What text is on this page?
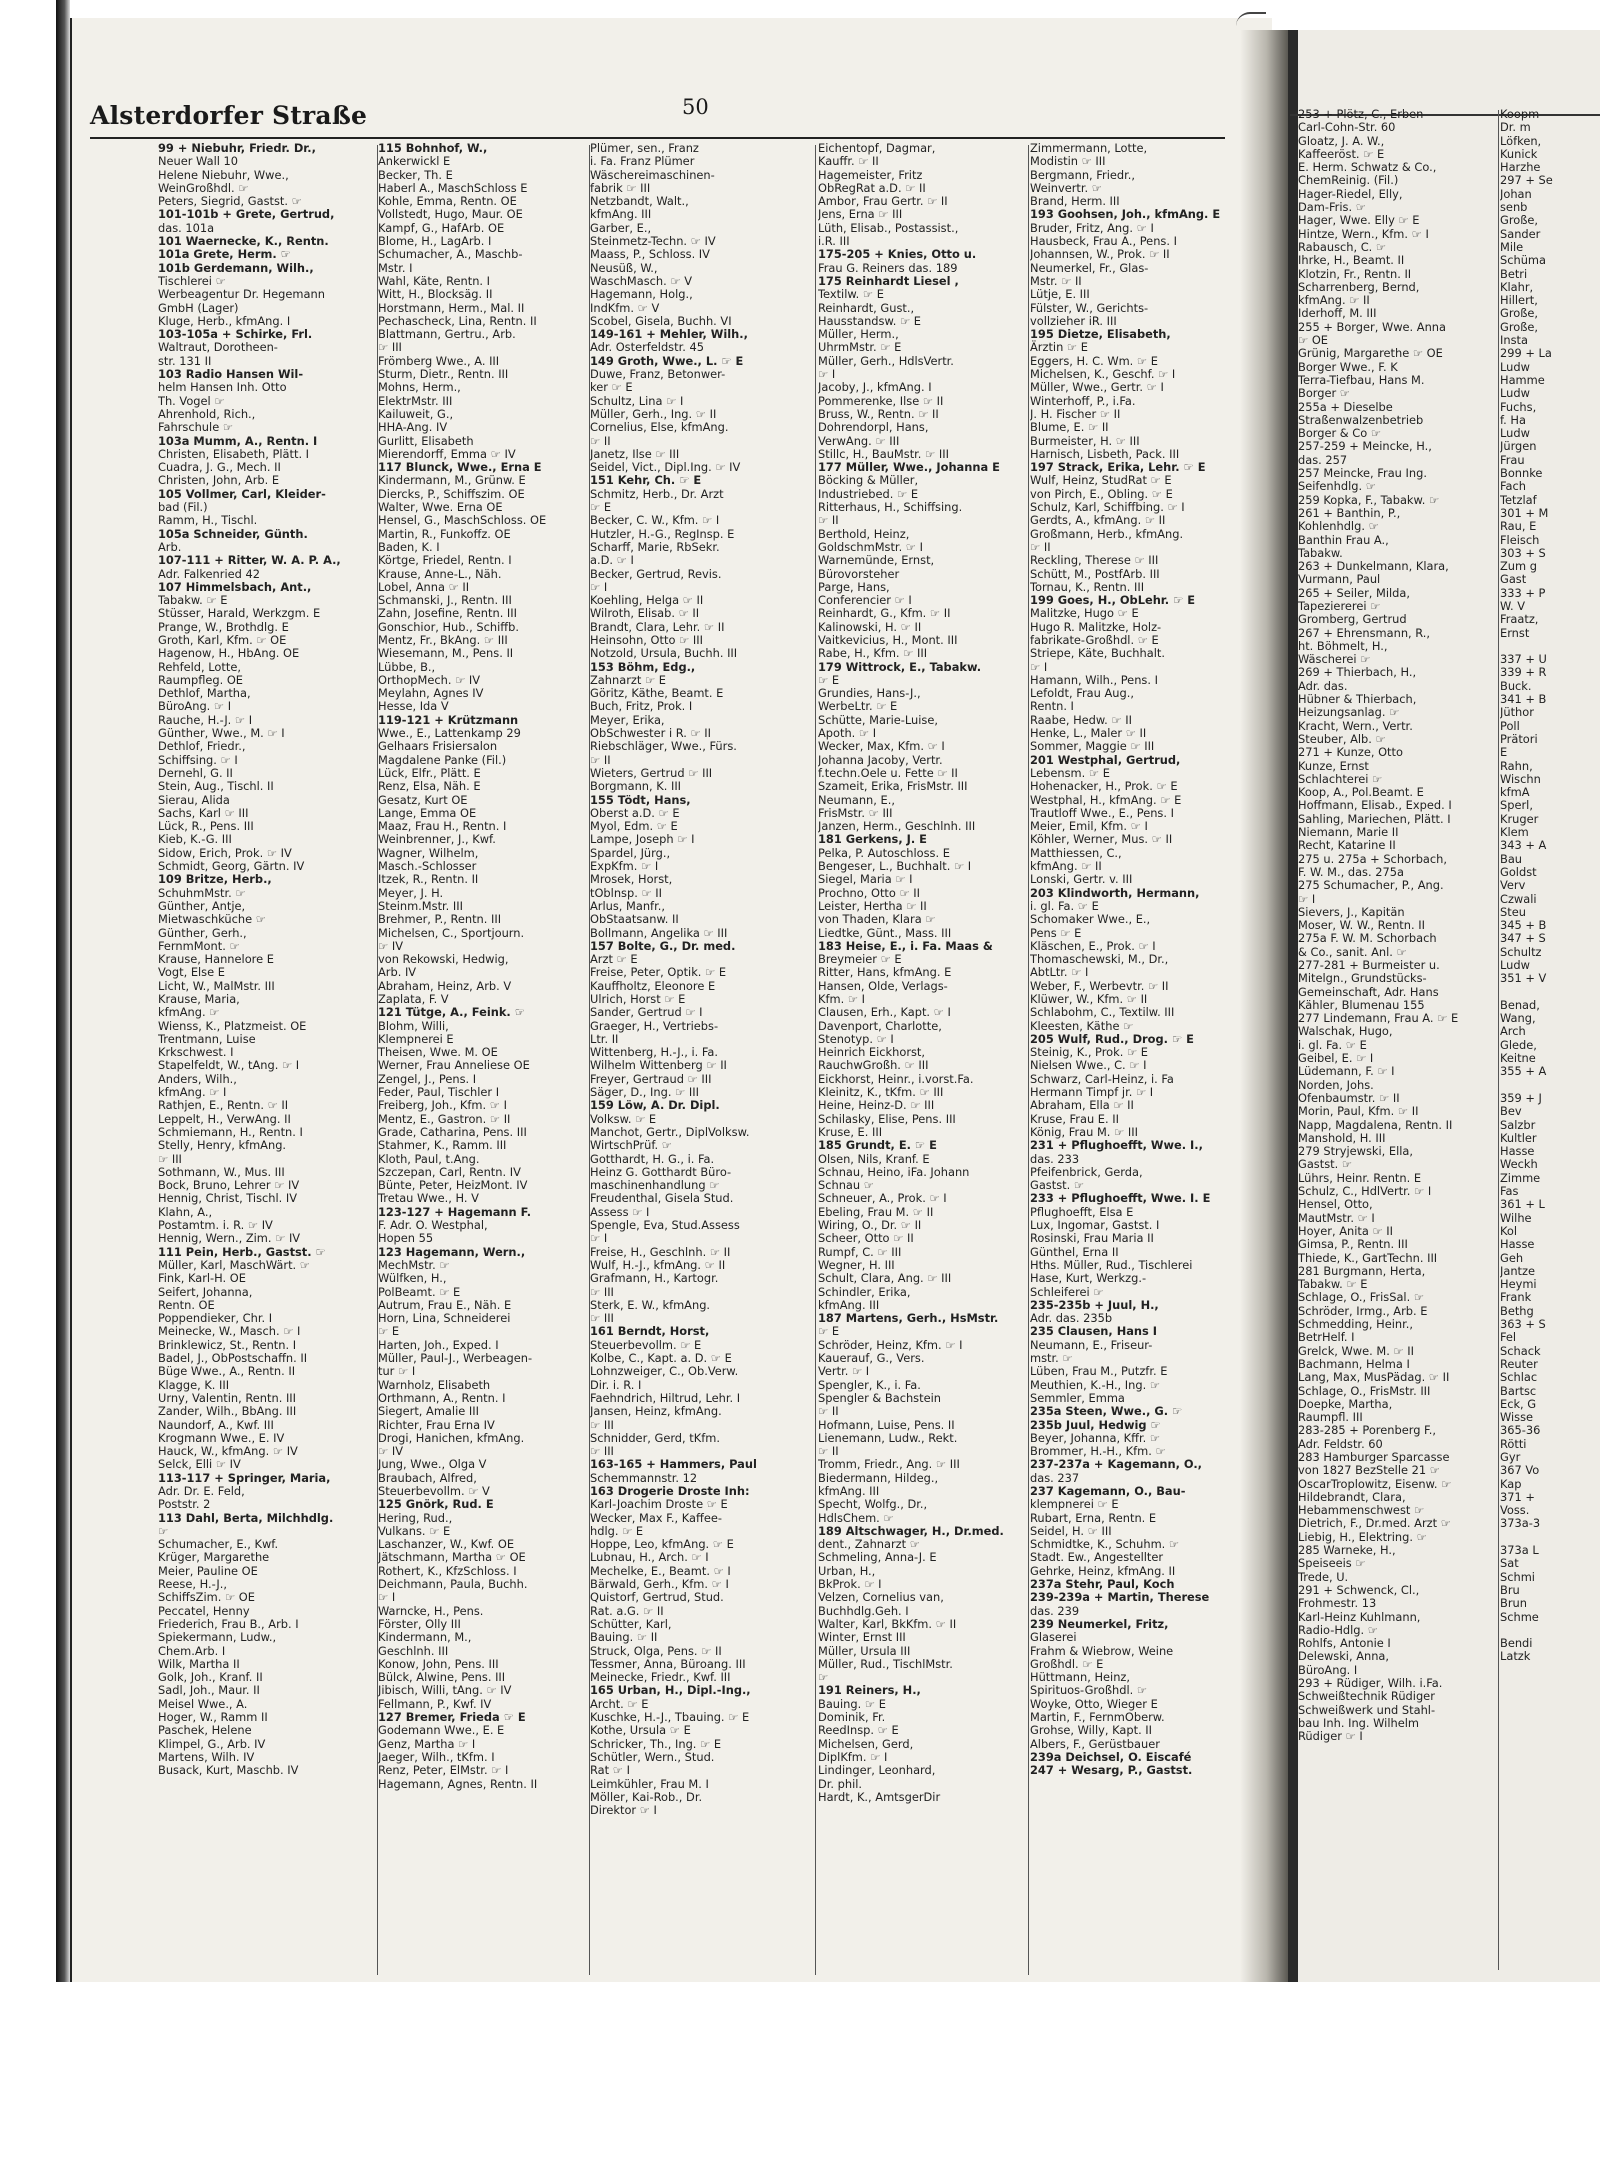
Alsterdorfer Straße	50
99 + Niebuhr, Friedr. Dr.,
Neuer Wall 10
Helene Niebuhr, Wwe.,
WeinGroßhdl. ☞
Peters, Siegrid, Gastst. ☞
101-101b + Grete, Gertrud,
das. 101a
101 Waernecke, K., Rentn.
101a Grete, Herm. ☞
101b Gerdemann, Wilh.,
Tischlerei ☞
Werbeagentur Dr. Hegemann
GmbH (Lager)
Kluge, Herb., kfmAng. I
103-105a + Schirke, Frl.
Waltraut, Dorotheen-
str. 131 II
103 Radio Hansen Wil-
helm Hansen Inh. Otto
Th. Vogel ☞
Ahrenhold, Rich.,
Fahrschule ☞
103a Mumm, A., Rentn. I
Christen, Elisabeth, Plätt. I
Cuadra, J. G., Mech. II
Christen, John, Arb. E
105 Vollmer, Carl, Kleider-
bad (Fil.)
Ramm, H., Tischl.
105a Schneider, Günth.
Arb.
107-111 + Ritter, W. A. P. A.,
Adr. Falkenried 42
107 Himmelsbach, Ant.,
Tabakw. ☞ E
Stüsser, Harald, Werkzgm. E
Prange, W., Brothdlg. E
Groth, Karl, Kfm. ☞ OE
Hagenow, H., HbAng. OE
Rehfeld, Lotte,
Raumpfleg. OE
Dethlof, Martha,
BüroAng. ☞ I
Rauche, H.-J. ☞ I
Günther, Wwe., M. ☞ I
Dethlof, Friedr.,
Schiffsing. ☞ I
Dernehl, G. II
Stein, Aug., Tischl. II
Sierau, Alida
Sachs, Karl ☞ III
Lück, R., Pens. III
Kieb, K.-G. III
Sidow, Erich, Prok. ☞ IV
Schmidt, Georg, Gärtn. IV
109 Britze, Herb.,
SchuhmMstr. ☞
Günther, Antje,
Mietwaschküche ☞
Günther, Gerh.,
FernmMont. ☞
Krause, Hannelore E
Vogt, Else E
Licht, W., MalMstr. III
Krause, Maria,
kfmAng. ☞
Wienss, K., Platzmeist. OE
Trentmann, Luise
Krkschwest. I
Stapelfeldt, W., tAng. ☞ I
Anders, Wilh.,
kfmAng. ☞ I
Rathjen, E., Rentn. ☞ II
Leppelt, H., VerwAng. II
Schmiemann, H., Rentn. I
Stelly, Henry, kfmAng.
☞ III
Sothmann, W., Mus. III
Bock, Bruno, Lehrer ☞ IV
Hennig, Christ, Tischl. IV
Klahn, A.,
Postamtm. i. R. ☞ IV
Hennig, Wern., Zim. ☞ IV
111 Pein, Herb., Gastst. ☞
Müller, Karl, MaschWärt. ☞
Fink, Karl-H. OE
Seifert, Johanna,
Rentn. OE
Poppendieker, Chr. I
Meinecke, W., Masch. ☞ I
Brinklewicz, St., Rentn. I
Badel, J., ObPostschaffn. II
Büge Wwe., A., Rentn. II
Klagge, K. III
Urny, Valentin, Rentn. III
Zander, Wilh., BbAng. III
Naundorf, A., Kwf. III
Krogmann Wwe., E. IV
Hauck, W., kfmAng. ☞ IV
Selck, Elli ☞ IV
113-117 + Springer, Maria,
Adr. Dr. E. Feld,
Poststr. 2
113 Dahl, Berta, Milchhdlg.
☞
Schumacher, E., Kwf.
Krüger, Margarethe
Meier, Pauline OE
Reese, H.-J.,
SchiffsZim. ☞ OE
Peccatel, Henny
Friederich, Frau B., Arb. I
Spiekermann, Ludw.,
Chem.Arb. I
Wilk, Martha II
Golk, Joh., Kranf. II
Sadl, Joh., Maur. II
Meisel Wwe., A.
Hoger, W., Ramm II
Paschek, Helene
Klimpel, G., Arb. IV
Martens, Wilh. IV
Busack, Kurt, Maschb. IV
115 Bohnhof, W.,
Ankerwickl E
Becker, Th. E
Haberl A., MaschSchloss E
Kohle, Emma, Rentn. OE
Vollstedt, Hugo, Maur. OE
Kampf, G., HafArb. OE
Blome, H., LagArb. I
Schumacher, A., Maschb-
Mstr. I
Wahl, Käte, Rentn. I
Witt, H., Blocksäg. II
Horstmann, Herm., Mal. II
Pechascheck, Lina, Rentn. II
Blattmann, Gertru., Arb.
☞ III
Frömberg Wwe., A. III
Sturm, Dietr., Rentn. III
Mohns, Herm.,
ElektrMstr. III
Kailuweit, G.,
HHA-Ang. IV
Gurlitt, Elisabeth
Mierendorff, Emma ☞ IV
117 Blunck, Wwe., Erna E
Kindermann, M., Grünw. E
Diercks, P., Schiffszim. OE
Walter, Wwe. Erna OE
Hensel, G., MaschSchloss. OE
Martin, R., Funkoffz. OE
Baden, K. I
Körtge, Friedel, Rentn. I
Krause, Anne-L., Näh.
Lobel, Anna ☞ II
Schmanski, J., Rentn. III
Zahn, Josefine, Rentn. III
Gonschior, Hub., Schiffb.
Mentz, Fr., BkAng. ☞ III
Wiesemann, M., Pens. II
Lübbe, B.,
OrthopMech. ☞ IV
Meylahn, Agnes IV
Hesse, Ida V
119-121 + Krützmann
Wwe., E., Lattenkamp 29
Gelhaars Frisiersalon
Magdalene Panke (Fil.)
Lück, Elfr., Plätt. E
Renz, Elsa, Näh. E
Gesatz, Kurt OE
Lange, Emma OE
Maaz, Frau H., Rentn. I
Weinbrenner, J., Kwf.
Wagner, Wilhelm,
Masch.-Schlosser
Itzek, R., Rentn. II
Meyer, J. H.
Steinm.Mstr. III
Brehmer, P., Rentn. III
Michelsen, C., Sportjourn.
☞ IV
von Rekowski, Hedwig,
Arb. IV
Abraham, Heinz, Arb. V
Zaplata, F. V
121 Tütge, A., Feink. ☞
Blohm, Willi,
Klempnerei E
Theisen, Wwe. M. OE
Werner, Frau Anneliese OE
Zengel, J., Pens. I
Feder, Paul, Tischler I
Freiberg, Joh., Kfm. ☞ I
Mentz, E., Gastron. ☞ II
Grade, Catharina, Pens. III
Stahmer, K., Ramm. III
Kloth, Paul, t.Ang.
Szczepan, Carl, Rentn. IV
Bünte, Peter, HeizMont. IV
Tretau Wwe., H. V
123-127 + Hagemann F.
F. Adr. O. Westphal,
Hopen 55
123 Hagemann, Wern.,
MechMstr. ☞
Wülfken, H.,
PolBeamt. ☞ E
Autrum, Frau E., Näh. E
Horn, Lina, Schneiderei
☞ E
Harten, Joh., Exped. I
Müller, Paul-J., Werbeagen-
tur ☞ I
Warnholz, Elisabeth
Orthmann, A., Rentn. I
Siegert, Amalie III
Richter, Frau Erna IV
Drogi, Hanichen, kfmAng.
☞ IV
Jung, Wwe., Olga V
Braubach, Alfred,
Steuerbevollm. ☞ V
125 Gnörk, Rud. E
Hering, Rud.,
Vulkans. ☞ E
Laschanzer, W., Kwf. OE
Jätschmann, Martha ☞ OE
Rothert, K., KfzSchloss. I
Deichmann, Paula, Buchh.
☞ I
Warncke, H., Pens.
Förster, Olly III
Kindermann, M.,
Geschlnh. III
Konow, John, Pens. III
Bülck, Alwine, Pens. III
Jibisch, Willi, tAng. ☞ IV
Fellmann, P., Kwf. IV
127 Bremer, Frieda ☞ E
Godemann Wwe., E. E
Genz, Martha ☞ I
Jaeger, Wilh., tKfm. I
Renz, Peter, ElMstr. ☞ I
Hagemann, Agnes, Rentn. II
Plümer, sen., Franz
i. Fa. Franz Plümer
Wäschereimaschinen-
fabrik ☞ III
Netzbandt, Walt.,
kfmAng. III
Garber, E.,
Steinmetz-Techn. ☞ IV
Maass, P., Schloss. IV
Neusüß, W.,
WaschMasch. ☞ V
Hagemann, Holg.,
IndKfm. ☞ V
Scobel, Gisela, Buchh. VI
149-161 + Mehler, Wilh.,
Adr. Osterfeldstr. 45
149 Groth, Wwe., L. ☞ E
Duwe, Franz, Betonwer-
ker ☞ E
Schultz, Lina ☞ I
Müller, Gerh., Ing. ☞ II
Cornelius, Else, kfmAng.
☞ II
Janetz, Ilse ☞ III
Seidel, Vict., Dipl.Ing. ☞ IV
151 Kehr, Ch. ☞ E
Schmitz, Herb., Dr. Arzt
☞ E
Becker, C. W., Kfm. ☞ I
Hutzler, H.-G., RegInsp. E
Scharff, Marie, RbSekr.
a.D. ☞ I
Becker, Gertrud, Revis.
☞ I
Koehling, Helga ☞ II
Wilroth, Elisab. ☞ II
Brandt, Clara, Lehr. ☞ II
Heinsohn, Otto ☞ III
Notzold, Ursula, Buchh. III
153 Böhm, Edg.,
Zahnarzt ☞ E
Göritz, Käthe, Beamt. E
Buch, Fritz, Prok. I
Meyer, Erika,
ObSchwester i R. ☞ II
Riebschläger, Wwe., Fürs.
☞ II
Wieters, Gertrud ☞ III
Borgmann, K. III
155 Tödt, Hans,
Oberst a.D. ☞ E
Myol, Edm. ☞ E
Lampe, Joseph ☞ I
Spardel, Jürg.,
ExpKfm. ☞ I
Mrosek, Horst,
tOblnsp. ☞ II
Arlus, Manfr.,
ObStaatsanw. II
Bollmann, Angelika ☞ III
157 Bolte, G., Dr. med.
Arzt ☞ E
Freise, Peter, Optik. ☞ E
Kauffholtz, Eleonore E
Ulrich, Horst ☞ E
Sander, Gertrud ☞ I
Graeger, H., Vertriebs-
Ltr. II
Wittenberg, H.-J., i. Fa.
Wilhelm Wittenberg ☞ II
Freyer, Gertraud ☞ III
Säger, D., Ing. ☞ III
159 Löw, A. Dr. Dipl.
Volksw. ☞ E
Manchot, Gertr., DiplVolksw.
WirtschPrüf. ☞
Gotthardt, H. G., i. Fa.
Heinz G. Gotthardt Büro-
maschinenhandlung ☞
Freudenthal, Gisela Stud.
Assess ☞ I
Spengle, Eva, Stud.Assess
☞ I
Freise, H., Geschlnh. ☞ II
Wulf, H.-J., kfmAng. ☞ II
Grafmann, H., Kartogr.
☞ III
Sterk, E. W., kfmAng.
☞ III
161 Berndt, Horst,
Steuerbevollm. ☞ E
Kolbe, C., Kapt. a. D. ☞ E
Lohnzweiger, C., Ob.Verw.
Dir. i. R. I
Faehndrich, Hiltrud, Lehr. I
Jansen, Heinz, kfmAng.
☞ III
Schnidder, Gerd, tKfm.
☞ III
163-165 + Hammers, Paul
Schemmannstr. 12
163 Drogerie Droste Inh:
Karl-Joachim Droste ☞ E
Wecker, Max F., Kaffee-
hdlg. ☞ E
Hoppe, Leo, kfmAng. ☞ E
Lubnau, H., Arch. ☞ I
Mechelke, E., Beamt. ☞ I
Bärwald, Gerh., Kfm. ☞ I
Quistorf, Gertrud, Stud.
Rat. a.G. ☞ II
Schütter, Karl,
Bauing. ☞ II
Struck, Olga, Pens. ☞ II
Tessmer, Anna, Büroang. III
Meinecke, Friedr., Kwf. III
165 Urban, H., Dipl.-Ing.,
Archt. ☞ E
Kuschke, H.-J., Tbauing. ☞ E
Kothe, Ursula ☞ E
Schricker, Th., Ing. ☞ E
Schütler, Wern., Stud.
Rat ☞ I
Leimkühler, Frau M. I
Möller, Kai-Rob., Dr.
Direktor ☞ I
Eichentopf, Dagmar,
Kauffr. ☞ II
Hagemeister, Fritz
ObRegRat a.D. ☞ II
Ambor, Frau Gertr. ☞ II
Jens, Erna ☞ III
Lüth, Elisab., Postassist.,
i.R. III
175-205 + Knies, Otto u.
Frau G. Reiners das. 189
175 Reinhardt Liesel ,
Textilw. ☞ E
Reinhardt, Gust.,
Hausstandsw. ☞ E
Müller, Herm.,
UhrmMstr. ☞ E
Müller, Gerh., HdlsVertr.
☞ I
Jacoby, J., kfmAng. I
Pommerenke, Ilse ☞ II
Bruss, W., Rentn. ☞ II
Dohrendorpl, Hans,
VerwAng. ☞ III
Stillc, H., BauMstr. ☞ III
177 Müller, Wwe., Johanna E
Böcking & Müller,
Industriebed. ☞ E
Ritterhaus, H., Schiffsing.
☞ II
Berthold, Heinz,
GoldschmMstr. ☞ I
Warnemünde, Ernst,
Bürovorsteher
Parge, Hans,
Conferencier ☞ I
Reinhardt, G., Kfm. ☞ II
Kalinowski, H. ☞ II
Vaitkevicius, H., Mont. III
Rabe, H., Kfm. ☞ III
179 Wittrock, E., Tabakw.
☞ E
Grundies, Hans-J.,
WerbeLtr. ☞ E
Schütte, Marie-Luise,
Apoth. ☞ I
Wecker, Max, Kfm. ☞ I
Johanna Jacoby, Vertr.
f.techn.Oele u. Fette ☞ II
Szameit, Erika, FrisMstr. III
Neumann, E.,
FrisMstr. ☞ III
Janzen, Herm., Geschlnh. III
181 Gerkens, J. E
Pelka, P. Autoschloss. E
Bengeser, L., Buchhalt. ☞ I
Siegel, Maria ☞ I
Prochno, Otto ☞ II
Leister, Hertha ☞ II
von Thaden, Klara ☞
Liedtke, Günt., Mass. III
183 Heise, E., i. Fa. Maas &
Breymeier ☞ E
Ritter, Hans, kfmAng. E
Hansen, Olde, Verlags-
Kfm. ☞ I
Clausen, Erh., Kapt. ☞ I
Davenport, Charlotte,
Stenotyp. ☞ I
Heinrich Eickhorst,
RauchwGroßh. ☞ III
Eickhorst, Heinr., i.vorst.Fa.
Kleinitz, K., tKfm. ☞ III
Heine, Heinz-D. ☞ III
Schilasky, Elise, Pens. III
Kruse, E. III
185 Grundt, E. ☞ E
Olsen, Nils, Kranf. E
Schnau, Heino, iFa. Johann
Schnau ☞
Schneuer, A., Prok. ☞ I
Ebeling, Frau M. ☞ II
Wiring, O., Dr. ☞ II
Scheer, Otto ☞ II
Rumpf, C. ☞ III
Wegner, H. III
Schult, Clara, Ang. ☞ III
Schindler, Erika,
kfmAng. III
187 Martens, Gerh., HsMstr.
☞ E
Schröder, Heinz, Kfm. ☞ I
Kauerauf, G., Vers.
Vertr. ☞ I
Spengler, K., i. Fa.
Spengler & Bachstein
☞ II
Hofmann, Luise, Pens. II
Lienemann, Ludw., Rekt.
☞ II
Tromm, Friedr., Ang. ☞ III
Biedermann, Hildeg.,
kfmAng. III
Specht, Wolfg., Dr.,
HdlsChem. ☞
189 Altschwager, H., Dr.med.
dent., Zahnarzt ☞
Schmeling, Anna-J. E
Urban, H.,
BkProk. ☞ I
Velzen, Cornelius van,
Buchhdlg.Geh. I
Walter, Karl, BkKfm. ☞ II
Winter, Ernst III
Müller, Ursula III
Müller, Rud., TischlMstr.
☞
191 Reiners, H.,
Bauing. ☞ E
Dominik, Fr.
ReedInsp. ☞ E
Michelsen, Gerd,
DiplKfm. ☞ I
Lindinger, Leonhard,
Dr. phil.
Hardt, K., AmtsgerDir
Zimmermann, Lotte,
Modistin ☞ III
Bergmann, Friedr.,
Weinvertr. ☞
Brand, Herm. III
193 Goohsen, Joh., kfmAng. E
Bruder, Fritz, Ang. ☞ I
Hausbeck, Frau A., Pens. I
Johannsen, W., Prok. ☞ II
Neumerkel, Fr., Glas-
Mstr. ☞ II
Lütje, E. III
Fülster, W., Gerichts-
vollzieher iR. III
195 Dietze, Elisabeth,
Ärztin ☞ E
Eggers, H. C. Wm. ☞ E
Michelsen, K., Geschf. ☞ I
Müller, Wwe., Gertr. ☞ I
Winterhoff, P., i.Fa.
J. H. Fischer ☞ II
Blume, E. ☞ II
Burmeister, H. ☞ III
Harnisch, Lisbeth, Pack. III
197 Strack, Erika, Lehr. ☞ E
Wulf, Heinz, StudRat ☞ E
von Pirch, E., Obling. ☞ E
Schulz, Karl, Schiffbing. ☞ I
Gerdts, A., kfmAng. ☞ II
Großmann, Herb., kfmAng.
☞ II
Reckling, Therese ☞ III
Schütt, M., PostfArb. III
Tornau, K., Rentn. III
199 Goes, H., ObLehr. ☞ E
Malitzke, Hugo ☞ E
Hugo R. Malitzke, Holz-
fabrikate-Großhdl. ☞ E
Striepe, Käte, Buchhalt.
☞ I
Hamann, Wilh., Pens. I
Lefoldt, Frau Aug.,
Rentn. I
Raabe, Hedw. ☞ II
Henke, L., Maler ☞ II
Sommer, Maggie ☞ III
201 Westphal, Gertrud,
Lebensm. ☞ E
Hohenacker, H., Prok. ☞ E
Westphal, H., kfmAng. ☞ E
Trautloff Wwe., E., Pens. I
Meier, Emil, Kfm. ☞ I
Köhler, Werner, Mus. ☞ II
Matthiessen, C.,
kfmAng. ☞ II
Lonski, Gertr. v. III
203 Klindworth, Hermann,
i. gl. Fa. ☞ E
Schomaker Wwe., E.,
Pens ☞ E
Kläschen, E., Prok. ☞ I
Thomaschewski, M., Dr.,
AbtLtr. ☞ I
Weber, F., Werbevtr. ☞ II
Klüwer, W., Kfm. ☞ II
Schlabohm, C., Textilw. III
Kleesten, Käthe ☞
205 Wulf, Rud., Drog. ☞ E
Steinig, K., Prok. ☞ E
Nielsen Wwe., C. ☞ I
Schwarz, Carl-Heinz, i. Fa
Hermann Timpf jr. ☞ I
Abraham, Ella ☞ II
Kruse, Frau E. II
König, Frau M. ☞ III
231 + Pflughoefft, Wwe. I.,
das. 233
Pfeifenbrick, Gerda,
Gastst. ☞
233 + Pflughoefft, Wwe. I. E
Pflughoefft, Elsa E
Lux, Ingomar, Gastst. I
Rosinski, Frau Maria II
Günthel, Erna II
Hths. Müller, Rud., Tischlerei
Hase, Kurt, Werkzg.-
Schleiferei ☞
235-235b + Juul, H.,
Adr. das. 235b
235 Clausen, Hans I
Neumann, E., Friseur-
mstr. ☞
Lüben, Frau M., Putzfr. E
Meuthien, K.-H., Ing. ☞
Semmler, Emma
235a Steen, Wwe., G. ☞
235b Juul, Hedwig ☞
Beyer, Johanna, Kffr. ☞
Brommer, H.-H., Kfm. ☞
237-237a + Kagemann, O.,
das. 237
237 Kagemann, O., Bau-
klempnerei ☞ E
Rubart, Erna, Rentn. E
Seidel, H. ☞ III
Schmidtke, K., Schuhm. ☞
Stadt. Ew., Angestellter
Gehrke, Heinz, kfmAng. II
237a Stehr, Paul, Koch
239-239a + Martin, Therese
das. 239
239 Neumerkel, Fritz,
Glaserei
Frahm & Wiebrow, Weine
Großhdl. ☞ E
Hüttmann, Heinz,
Spirituos-Großhdl. ☞
Woyke, Otto, Wieger E
Martin, F., FernmOberw.
Grohse, Willy, Kapt. II
Albers, F., Gerüstbauer
239a Deichsel, O. Eiscafé
247 + Wesarg, P., Gastst.
253 + Plötz, C., Erben
Carl-Cohn-Str. 60
Gloatz, J. A. W.,
Kaffeeröst. ☞ E
E. Herm. Schwatz & Co.,
ChemReinig. (Fil.)
Hager-Riedel, Elly,
Dam-Fris. ☞
Hager, Wwe. Elly ☞ E
Hintze, Wern., Kfm. ☞ I
Rabausch, C. ☞
Ihrke, H., Beamt. II
Klotzin, Fr., Rentn. II
Scharrenberg, Bernd,
kfmAng. ☞ II
Iderhoff, M. III
255 + Borger, Wwe. Anna
☞ OE
Grünig, Margarethe ☞ OE
Borger Wwe., F. K
Terra-Tiefbau, Hans M.
Borger ☞
255a + Dieselbe
Straßenwalzenbetrieb
Borger & Co ☞
257-259 + Meincke, H.,
das. 257
257 Meincke, Frau Ing.
Seifenhdlg. ☞
259 Kopka, F., Tabakw. ☞
261 + Banthin, P.,
Kohlenhdlg. ☞
Banthin Frau A.,
Tabakw.
263 + Dunkelmann, Klara,
Vurmann, Paul
265 + Seiler, Milda,
Tapeziererei ☞
Gromberg, Gertrud
267 + Ehrensmann, R.,
ht. Böhmelt, H.,
Wäscherei ☞
269 + Thierbach, H.,
Adr. das.
Hübner & Thierbach,
Heizungsanlag. ☞
Kracht, Wern., Vertr.
Steuber, Alb. ☞
271 + Kunze, Otto
Kunze, Ernst
Schlachterei ☞
Koop, A., Pol.Beamt. E
Hoffmann, Elisab., Exped. I
Sahling, Mariechen, Plätt. I
Niemann, Marie II
Recht, Katarine II
275 u. 275a + Schorbach,
F. W. M., das. 275a
275 Schumacher, P., Ang.
☞ I
Sievers, J., Kapitän
Moser, W. W., Rentn. II
275a F. W. M. Schorbach
& Co., sanit. Anl. ☞
277-281 + Burmeister u.
Mitelgn., Grundstücks-
Gemeinschaft, Adr. Hans
Kähler, Blumenau 155
277 Lindemann, Frau A. ☞ E
Walschak, Hugo,
i. gl. Fa. ☞ E
Geibel, E. ☞ I
Lüdemann, F. ☞ I
Norden, Johs.
Ofenbaumstr. ☞ II
Morin, Paul, Kfm. ☞ II
Napp, Magdalena, Rentn. II
Manshold, H. III
279 Stryjewski, Ella,
Gastst. ☞
Lührs, Heinr. Rentn. E
Schulz, C., HdlVertr. ☞ I
Hensel, Otto,
MautMstr. ☞ I
Hoyer, Anita ☞ II
Gimsa, P., Rentn. III
Thiede, K., GartTechn. III
281 Burgmann, Herta,
Tabakw. ☞ E
Schlage, O., FrisSal. ☞
Schröder, Irmg., Arb. E
Schmedding, Heinr.,
BetrHelf. I
Grelck, Wwe. M. ☞ II
Bachmann, Helma I
Lang, Max, MusPädag. ☞ II
Schlage, O., FrisMstr. III
Doepke, Martha,
Raumpfl. III
283-285 + Porenberg F.,
Adr. Feldstr. 60
283 Hamburger Sparcasse
von 1827 BezStelle 21 ☞
OscarTroplowitz, Eisenw. ☞
Hildebrandt, Clara,
Hebammenschwest ☞
Dietrich, F., Dr.med. Arzt ☞
Liebig, H., Elektring. ☞
285 Warneke, H.,
Speiseeis ☞
Trede, U.
291 + Schwenck, Cl.,
Frohmestr. 13
Karl-Heinz Kuhlmann,
Radio-Hdlg. ☞
Rohlfs, Antonie I
Delewski, Anna,
BüroAng. I
293 + Rüdiger, Wilh. i.Fa.
Schweißtechnik Rüdiger
Schweißwerk und Stahl-
bau Inh. Ing. Wilhelm
Rüdiger ☞ I
Koopm
Dr. m
Löfken,
Kunick
Harzhe
297 + Se
Johan
senb
Große,
Sander
Mile
Schüma
Betri
Klahr,
Hillert,
Große,
Große,
Insta
299 + La
Ludw
Hamme
Ludw
Fuchs,
f. Ha
Ludw
Jürgen
Frau
Bonnke
Fach
Tetzlaf
301 + M
Rau, E
Fleisch
303 + S
Zum g
Gast
333 + P
W. V
Fraatz,
Ernst
337 + U
339 + R
Buck.
341 + B
Jüthor
Poll
Prätori
E
Rahn,
Wischn
kfmA
Sperl,
Kruger
Klem
343 + A
Bau
Goldst
Verv
Czwali
Steu
345 + B
347 + S
Schultz
Ludw
351 + V
Benad,
Wang,
Arch
Glede,
Keitne
355 + A
359 + J
Bev
Salzbr
Kultler
Hasse
Weckh
Zimme
Fas
361 + L
Wilhe
Kol
Hasse
Geh
Jantze
Heymi
Frank
Bethg
363 + S
Fel
Schack
Reuter
Schlac
Bartsc
Eck, G
Wisse
365-36
Rötti
Gyr
367 Vo
Kap
371 +
Voss.
373a-3
373a L
Sat
Schmi
Bru
Brun
Schme
Bendi
Latzk
